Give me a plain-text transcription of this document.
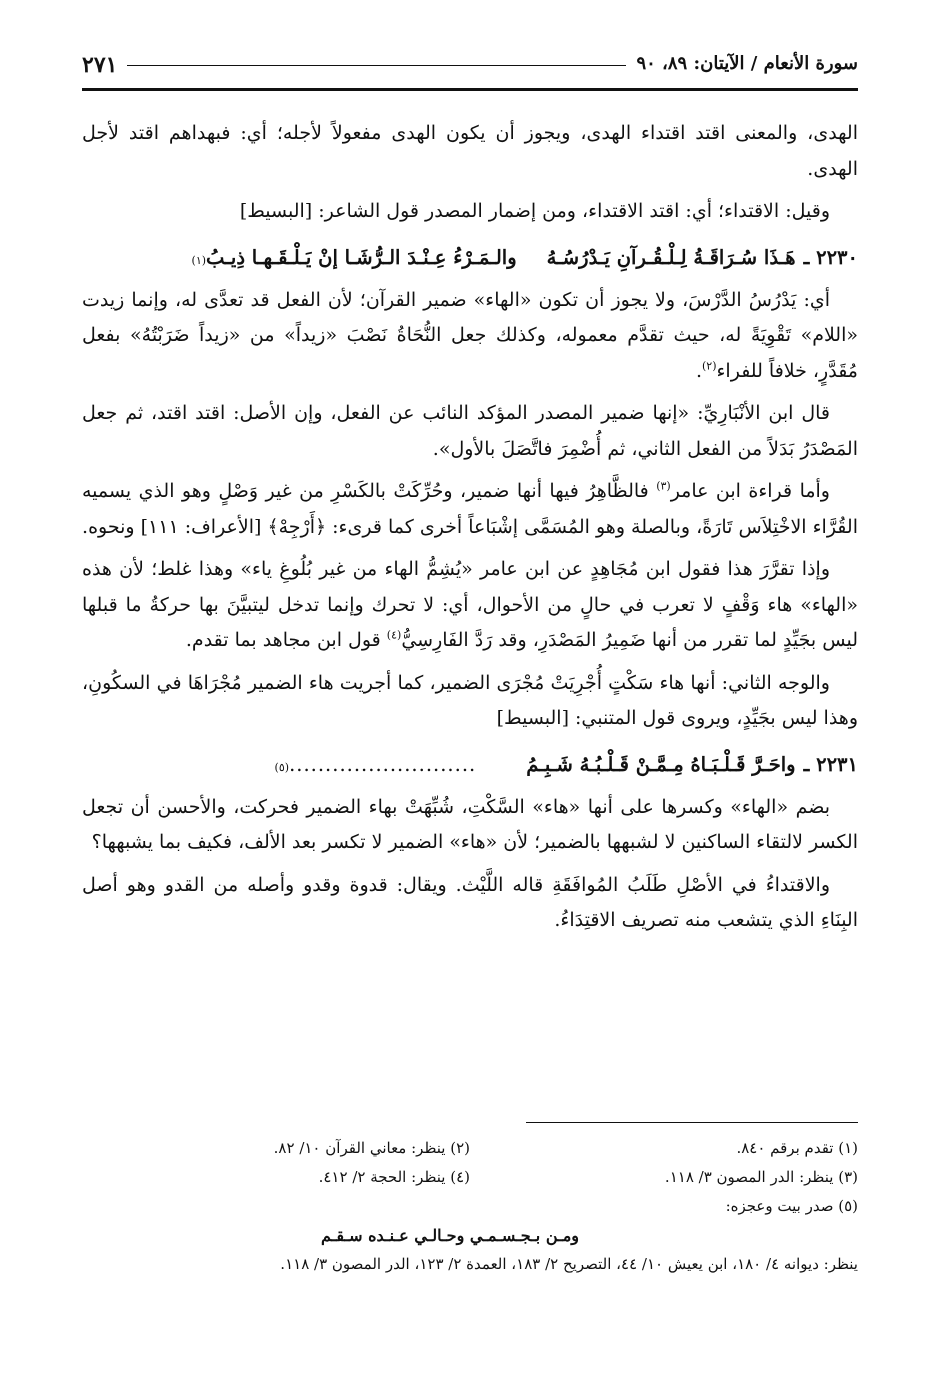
سورة الأنعام / الآيتان: ٨٩، ٩٠
٢٧١

الهدى، والمعنى اقتد اقتداء الهدى، ويجوز أن يكون الهدى مفعولاً لأجله؛ أي: فبهداهم اقتد لأجل الهدى.

وقيل: الاقتداء؛ أي: اقتد الاقتداء، ومن إضمار المصدر قول الشاعر: [البسيط]

٢٢٣٠ ـ
هَـذَا سُـرَاقَـةُ لِـلْـقُـرآنِ يَـدْرُسُـهُ
والـمَـرْءُ عِـنْـدَ الـرُّشَـا إنْ يَـلْـقَـهـا ذِيـبُ
(١)

أي: يَدْرُسُ الدَّرْسَ، ولا يجوز أن تكون «الهاء» ضمير القرآن؛ لأن الفعل قد تعدَّى له، وإنما زيدت «اللام» تَقْوِيَةً له، حيث تقدَّم معموله، وكذلك جعل النُّحَاةُ نَصْبَ «زيداً» من «زيداً ضَرَبْتُهُ» بفعل مُقَدَّرٍ، خلافاً للفراء$^{(٢)}$.

قال ابن الأنْبَارِيِّ: «إنها ضمير المصدر المؤكد النائب عن الفعل، وإن الأصل: اقتد اقتد، ثم جعل المَصْدَرُ بَدَلاً من الفعل الثاني، ثم أُضْمِرَ فاتَّصَلَ بالأول».

وأما قراءة ابن عامر$^{(٣)}$ فالظَّاهِرُ فيها أنها ضمير، وحُرِّكَتْ بالكَسْرِ من غير وَصْلٍ وهو الذي يسميه القُرَّاء الاخْتِلاَس تَارَةً، وبالصلة وهو المُسَمَّى إشْبَاعاً أخرى كما قرىء: ﴿أَرْجِهْ﴾ [الأعراف: ١١١] ونحوه.

وإذا تقرَّرَ هذا فقول ابن مُجَاهِدٍ عن ابن عامر «يُشِمُّ الهاء من غير بُلُوغِ ياء» وهذا غلط؛ لأن هذه «الهاء» هاء وَقْفٍ لا تعرب في حالٍ من الأحوال، أي: لا تحرك وإنما تدخل ليتبيَّنَ بها حركةُ ما قبلها ليس بجَيِّدٍ لما تقرر من أنها ضَمِيرُ المَصْدَرِ، وقد رَدَّ الفَارِسِيُّ$^{(٤)}$ قول ابن مجاهد بما تقدم.

والوجه الثاني: أنها هاء سَكْتٍ أُجْرِيَتْ مُجْرَى الضمير، كما أجريت هاء الضمير مُجْرَاهَا في السكُونِ، وهذا ليس بجَيِّدٍ، ويروى قول المتنبي: [البسيط]

٢٢٣١ ـ
واحَـرَّ قَـلْـبَـاهُ مِـمَّـنْ قَـلْـبُـهُ شَـبِـمُ
..........................
(٥)

بضم «الهاء» وكسرها على أنها «هاء» السَّكْتِ، شُبِّهَتْ بهاء الضمير فحركت، والأحسن أن تجعل الكسر لالتقاء الساكنين لا لشبهها بالضمير؛ لأن «هاء» الضمير لا تكسر بعد الألف، فكيف بما يشبهها؟

والاقتداءُ في الأصْلِ طَلَبُ المُوافَقَةِ قاله اللَّيْث. ويقال: قدوة وقدو وأصله من القدو وهو أصل البِنَاءِ الذي يتشعب منه تصريف الاقتِدَاءُ.

(١) تقدم برقم ٨٤٠.
(٢) ينظر: معاني القرآن ١٠/ ٨٢.
(٣) ينظر: الدر المصون ٣/ ١١٨.
(٤) ينظر: الحجة ٢/ ٤١٢.
(٥) صدر بيت وعجزه:
ومـن بـجـسـمـي وحـالـي عـنـده سـقـم
ينظر: ديوانه ٤/ ١٨٠، ابن يعيش ١٠/ ٤٤، التصريح ٢/ ١٨٣، العمدة ٢/ ١٢٣، الدر المصون ٣/ ١١٨.
